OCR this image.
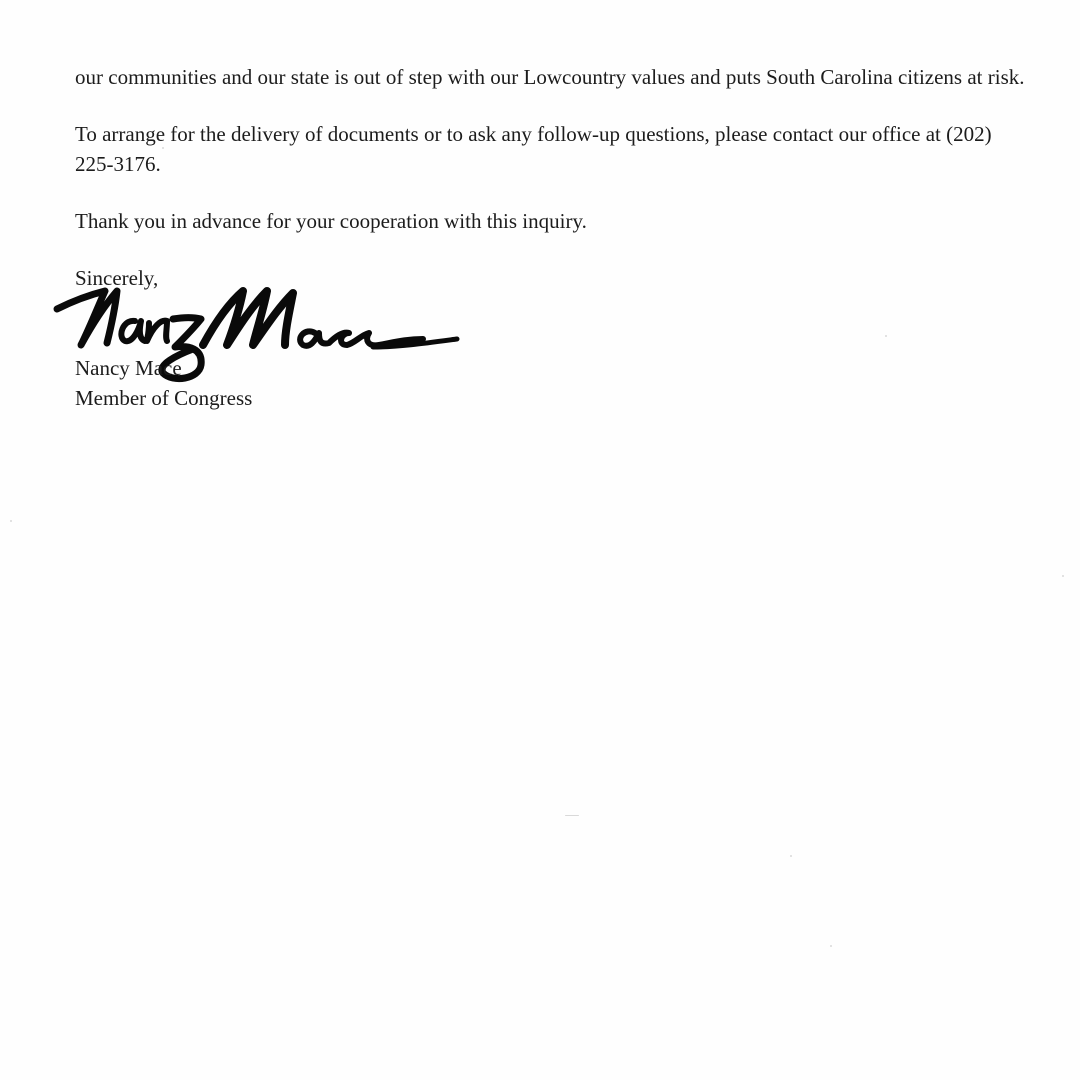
our communities and our state is out of step with our Lowcountry values and puts South Carolina citizens at risk.

To arrange for the delivery of documents or to ask any follow-up questions, please contact our office at (202) 225-3176.

Thank you in advance for your cooperation with this inquiry.

Sincerely,

Nancy Mace
Member of Congress
